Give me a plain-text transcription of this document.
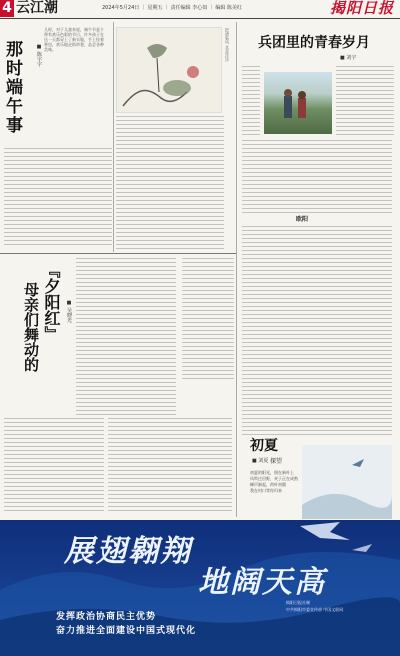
4 云江潮	2024年5月24日 ｜ 星期五 ｜ 责任编辑 李心如 ｜ 编辑 陈美红	揭阳日报
那时端午事	■ 陈宇宇
儿时，对于儿童来说，端午节是个带有欢乐色彩的节日，许多孩子在这一天都穿上了新衣服，手上挂着香包，欢乐地走街串巷，品尝各种美味。	把酒临风 其喜洋洋 兵团里的青春岁月
■ 刘宇
欧阳
母亲们舞动的 『夕阳红』 ■ 吴晓光
初夏
■ 刘夏 探望
初夏的阳光，照在新叶上
风吹过田野，麦子正在成熟
蝉声渐起，荷叶初圆
我在村口等你归来
展翅翱翔
地阔天高
发挥政治协商民主优势
奋力推进全面建设中国式现代化
揭阳日报社制
中共揭阳市委宣传部 中国文联网
